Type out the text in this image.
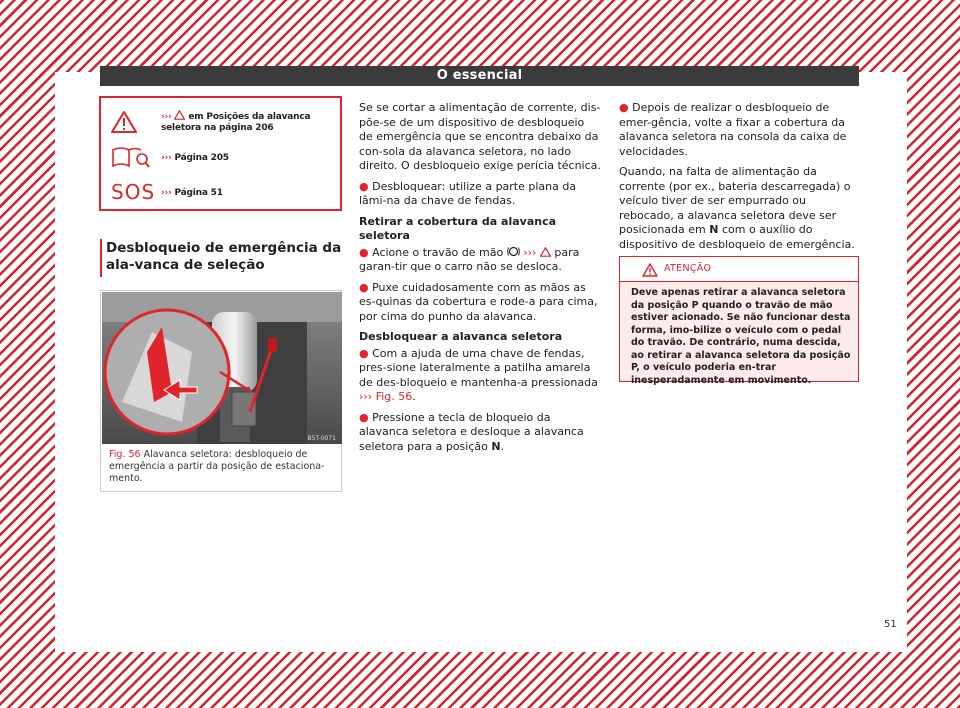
O essencial
›››  em Posições da alavanca seletora na página 206
››› Página 205
SOS ››› Página 51
Desbloqueio de emergência da ala-vanca de seleção
B5T-0071
Fig. 56 Alavanca seletora: desbloqueio de emergência a partir da posição de estaciona-mento.

Se se cortar a alimentação de corrente, dis-põe-se de um dispositivo de desbloqueio de emergência que se encontra debaixo da con-sola da alavanca seletora, no lado direito. O desbloqueio exige perícia técnica.

● Desbloquear: utilize a parte plana da lâmi-na da chave de fendas.

Retirar a cobertura da alavanca seletora

● Acione o travão de mão  ›››  para garan-tir que o carro não se desloca.

● Puxe cuidadosamente com as mãos as es-quinas da cobertura e rode-a para cima, por cima do punho da alavanca.

Desbloquear a alavanca seletora

● Com a ajuda de uma chave de fendas, pres-sione lateralmente a patilha amarela de des-bloqueio e mantenha-a pressionada
››› Fig. 56.

● Pressione a tecla de bloqueio da alavanca seletora e desloque a alavanca seletora para a posição N.

● Depois de realizar o desbloqueio de emer-gência, volte a fixar a cobertura da alavanca seletora na consola da caixa de velocidades.

Quando, na falta de alimentação da corrente (por ex., bateria descarregada) o veículo tiver de ser empurrado ou rebocado, a alavanca seletora deve ser posicionada em N com o auxílio do dispositivo de desbloqueio de emergência.

ATENÇÃO
Deve apenas retirar a alavanca seletora da posição P quando o travão de mão estiver acionado. Se não funcionar desta forma, imo-bilize o veículo com o pedal do travão. De contrário, numa descida, ao retirar a alavanca seletora da posição P, o veículo poderia en-trar inesperadamente em movimento.
51
